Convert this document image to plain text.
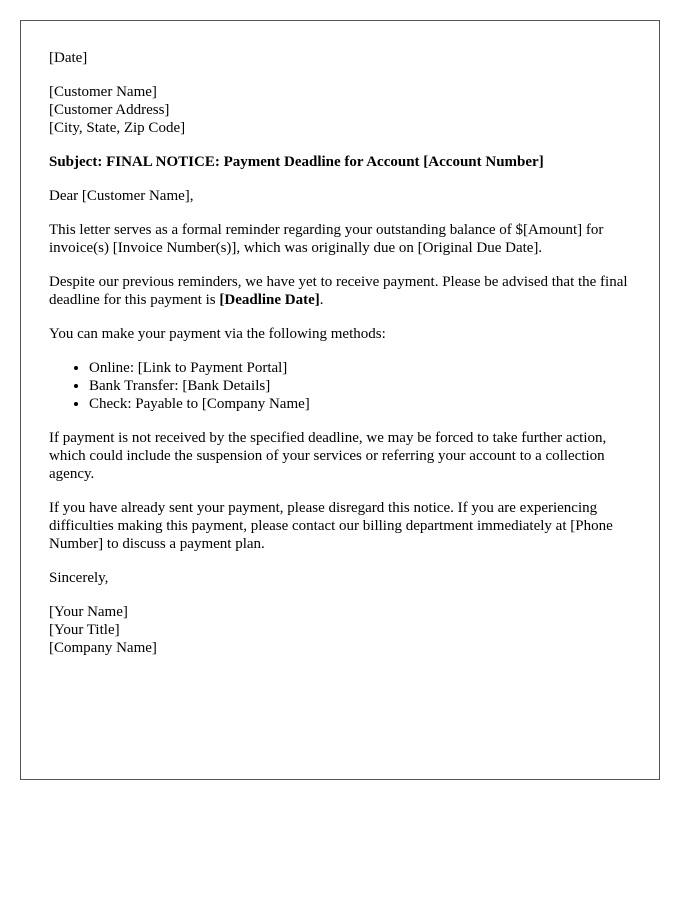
[Date]

[Customer Name]
[Customer Address]
[City, State, Zip Code]

Subject: FINAL NOTICE: Payment Deadline for Account [Account Number]

Dear [Customer Name],

This letter serves as a formal reminder regarding your outstanding balance of $[Amount] for invoice(s) [Invoice Number(s)], which was originally due on [Original Due Date].

Despite our previous reminders, we have yet to receive payment. Please be advised that the final deadline for this payment is [Deadline Date].

You can make your payment via the following methods:

• Online: [Link to Payment Portal]
• Bank Transfer: [Bank Details]
• Check: Payable to [Company Name]

If payment is not received by the specified deadline, we may be forced to take further action, which could include the suspension of your services or referring your account to a collection agency.

If you have already sent your payment, please disregard this notice. If you are experiencing difficulties making this payment, please contact our billing department immediately at [Phone Number] to discuss a payment plan.

Sincerely,

[Your Name]
[Your Title]
[Company Name]
